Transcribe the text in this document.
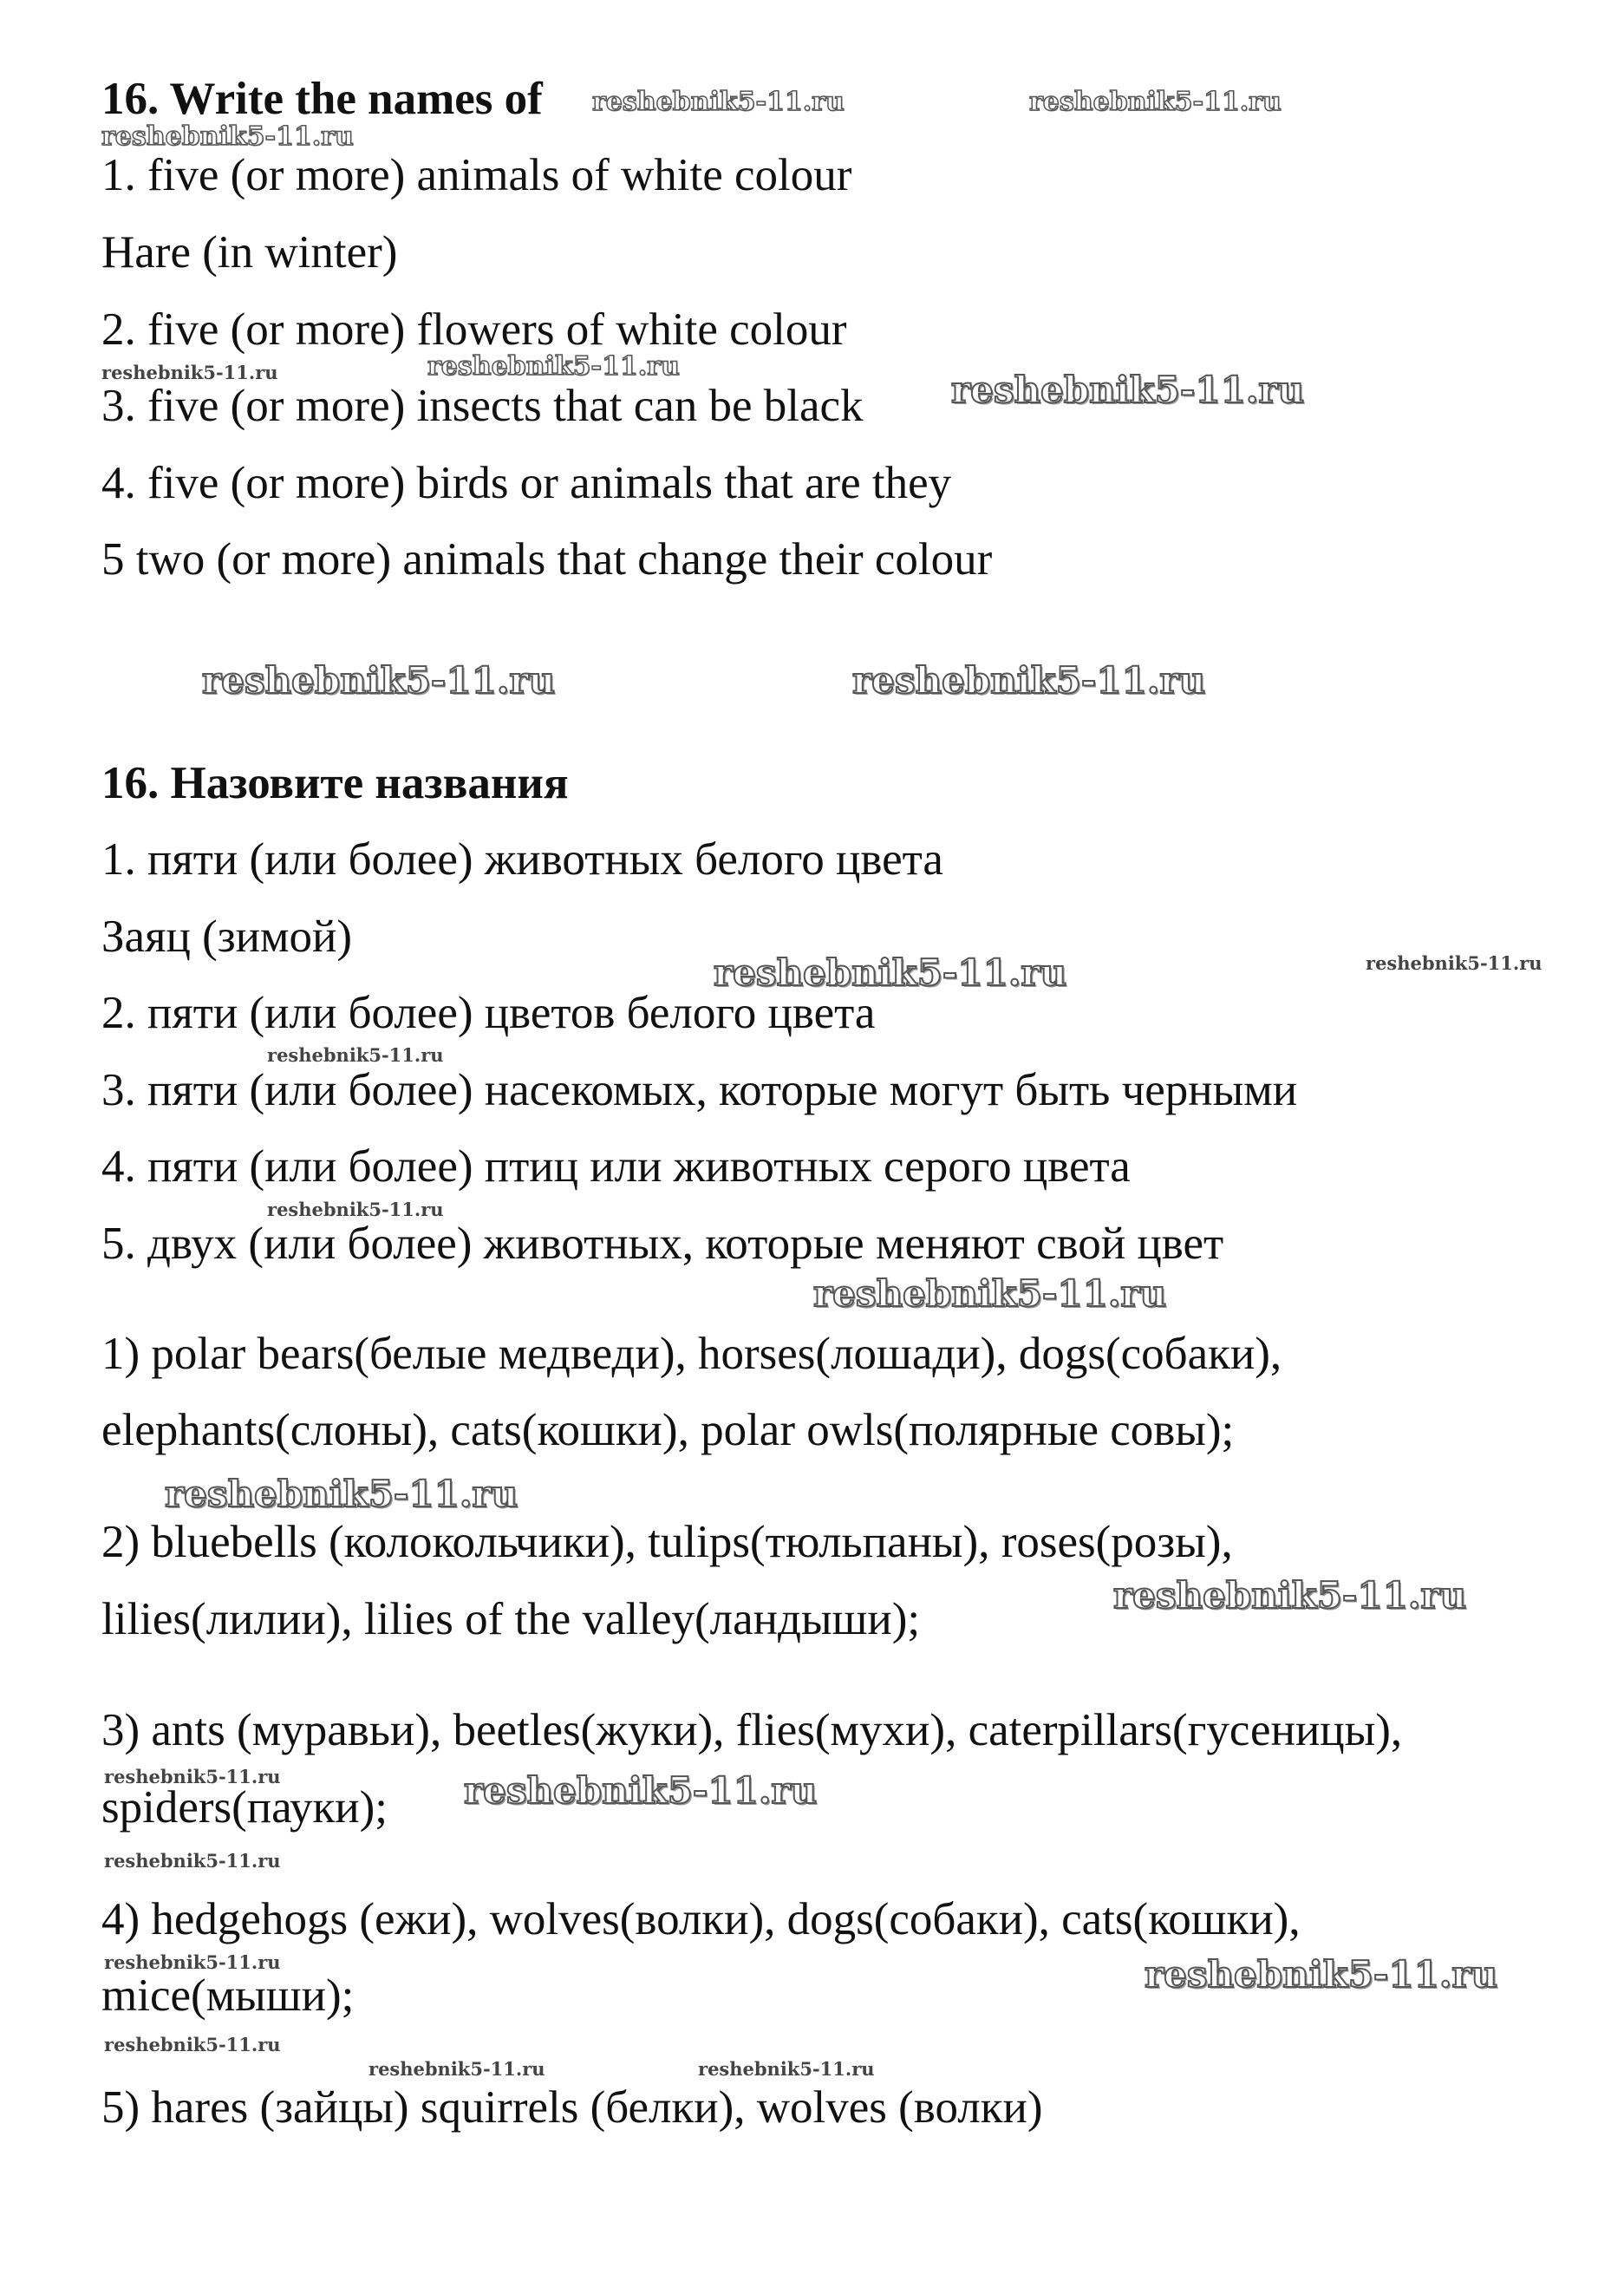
16. Write the names of
1. five (or more) animals of white colour
Hare (in winter)
2. five (or more) flowers of white colour
3. five (or more) insects that can be black
4. five (or more) birds or animals that are they
5 two (or more) animals that change their colour
16. Назовите названия
1. пяти (или более) животных белого цвета
Заяц (зимой)
2. пяти (или более) цветов белого цвета
3. пяти (или более) насекомых, которые могут быть черными
4. пяти (или более) птиц или животных серого цвета
5. двух (или более) животных, которые меняют свой цвет
1) polar bears(белые медведи), horses(лошади), dogs(собаки),
elephants(слоны), cats(кошки), polar owls(полярные совы);
2) bluebells (колокольчики), tulips(тюльпаны), roses(розы),
lilies(лилии), lilies of the valley(ландыши);
3) ants (муравьи), beetles(жуки), flies(мухи), caterpillars(гусеницы),
spiders(пауки);
4) hedgehogs (ежи), wolves(волки), dogs(собаки), cats(кошки),
mice(мыши);
5) hares (зайцы) squirrels (белки), wolves (волки)
reshebnik5-11.ru	reshebnik5-11.ru
reshebnik5-11.ru
reshebnik5-11.ru	reshebnik5-11.ru
reshebnik5-11.ru
reshebnik5-11.ru	reshebnik5-11.ru
reshebnik5-11.ru	reshebnik5-11.ru
reshebnik5-11.ru
reshebnik5-11.ru
reshebnik5-11.ru
reshebnik5-11.ru
reshebnik5-11.ru
reshebnik5-11.ru	reshebnik5-11.ru
reshebnik5-11.ru
reshebnik5-11.ru	reshebnik5-11.ru
reshebnik5-11.ru
reshebnik5-11.ru	reshebnik5-11.ru
